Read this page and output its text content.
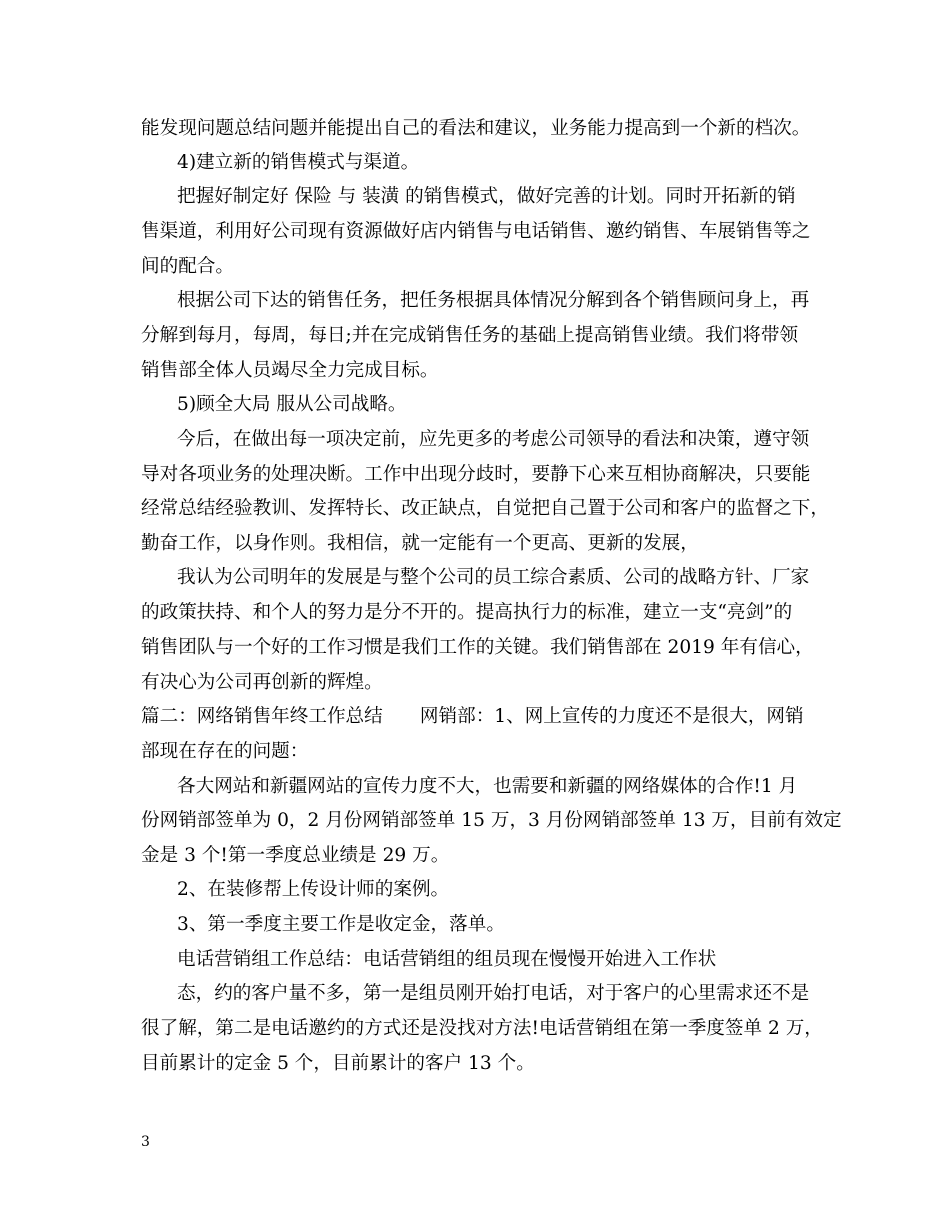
能发现问题总结问题并能提出自己的看法和建议，业务能力提高到一个新的档次。
4)建立新的销售模式与渠道。
把握好制定好 保险 与 装潢 的销售模式，做好完善的计划。同时开拓新的销
售渠道，利用好公司现有资源做好店内销售与电话销售、邀约销售、车展销售等之
间的配合。
根据公司下达的销售任务，把任务根据具体情况分解到各个销售顾问身上，再
分解到每月，每周，每日;并在完成销售任务的基础上提高销售业绩。我们将带领
销售部全体人员竭尽全力完成目标。
5)顾全大局 服从公司战略。
今后，在做出每一项决定前，应先更多的考虑公司领导的看法和决策，遵守领
导对各项业务的处理决断。工作中出现分歧时，要静下心来互相协商解决，只要能
经常总结经验教训、发挥特长、改正缺点，自觉把自己置于公司和客户的监督之下，
勤奋工作，以身作则。我相信，就一定能有一个更高、更新的发展，
我认为公司明年的发展是与整个公司的员工综合素质、公司的战略方针、厂家
的政策扶持、和个人的努力是分不开的。提高执行力的标准，建立一支“亮剑”的
销售团队与一个好的工作习惯是我们工作的关键。我们销售部在 2019 年有信心，
有决心为公司再创新的辉煌。
篇二：网络销售年终工作总结　　网销部：1、网上宣传的力度还不是很大，网销
部现在存在的问题：
各大网站和新疆网站的宣传力度不大，也需要和新疆的网络媒体的合作!1 月
份网销部签单为 0，2 月份网销部签单 15 万，3 月份网销部签单 13 万，目前有效定
金是 3 个!第一季度总业绩是 29 万。
2、在装修帮上传设计师的案例。
3、第一季度主要工作是收定金，落单。
电话营销组工作总结：电话营销组的组员现在慢慢开始进入工作状
态，约的客户量不多，第一是组员刚开始打电话，对于客户的心里需求还不是
很了解，第二是电话邀约的方式还是没找对方法!电话营销组在第一季度签单 2 万，
目前累计的定金 5 个，目前累计的客户 13 个。
3
